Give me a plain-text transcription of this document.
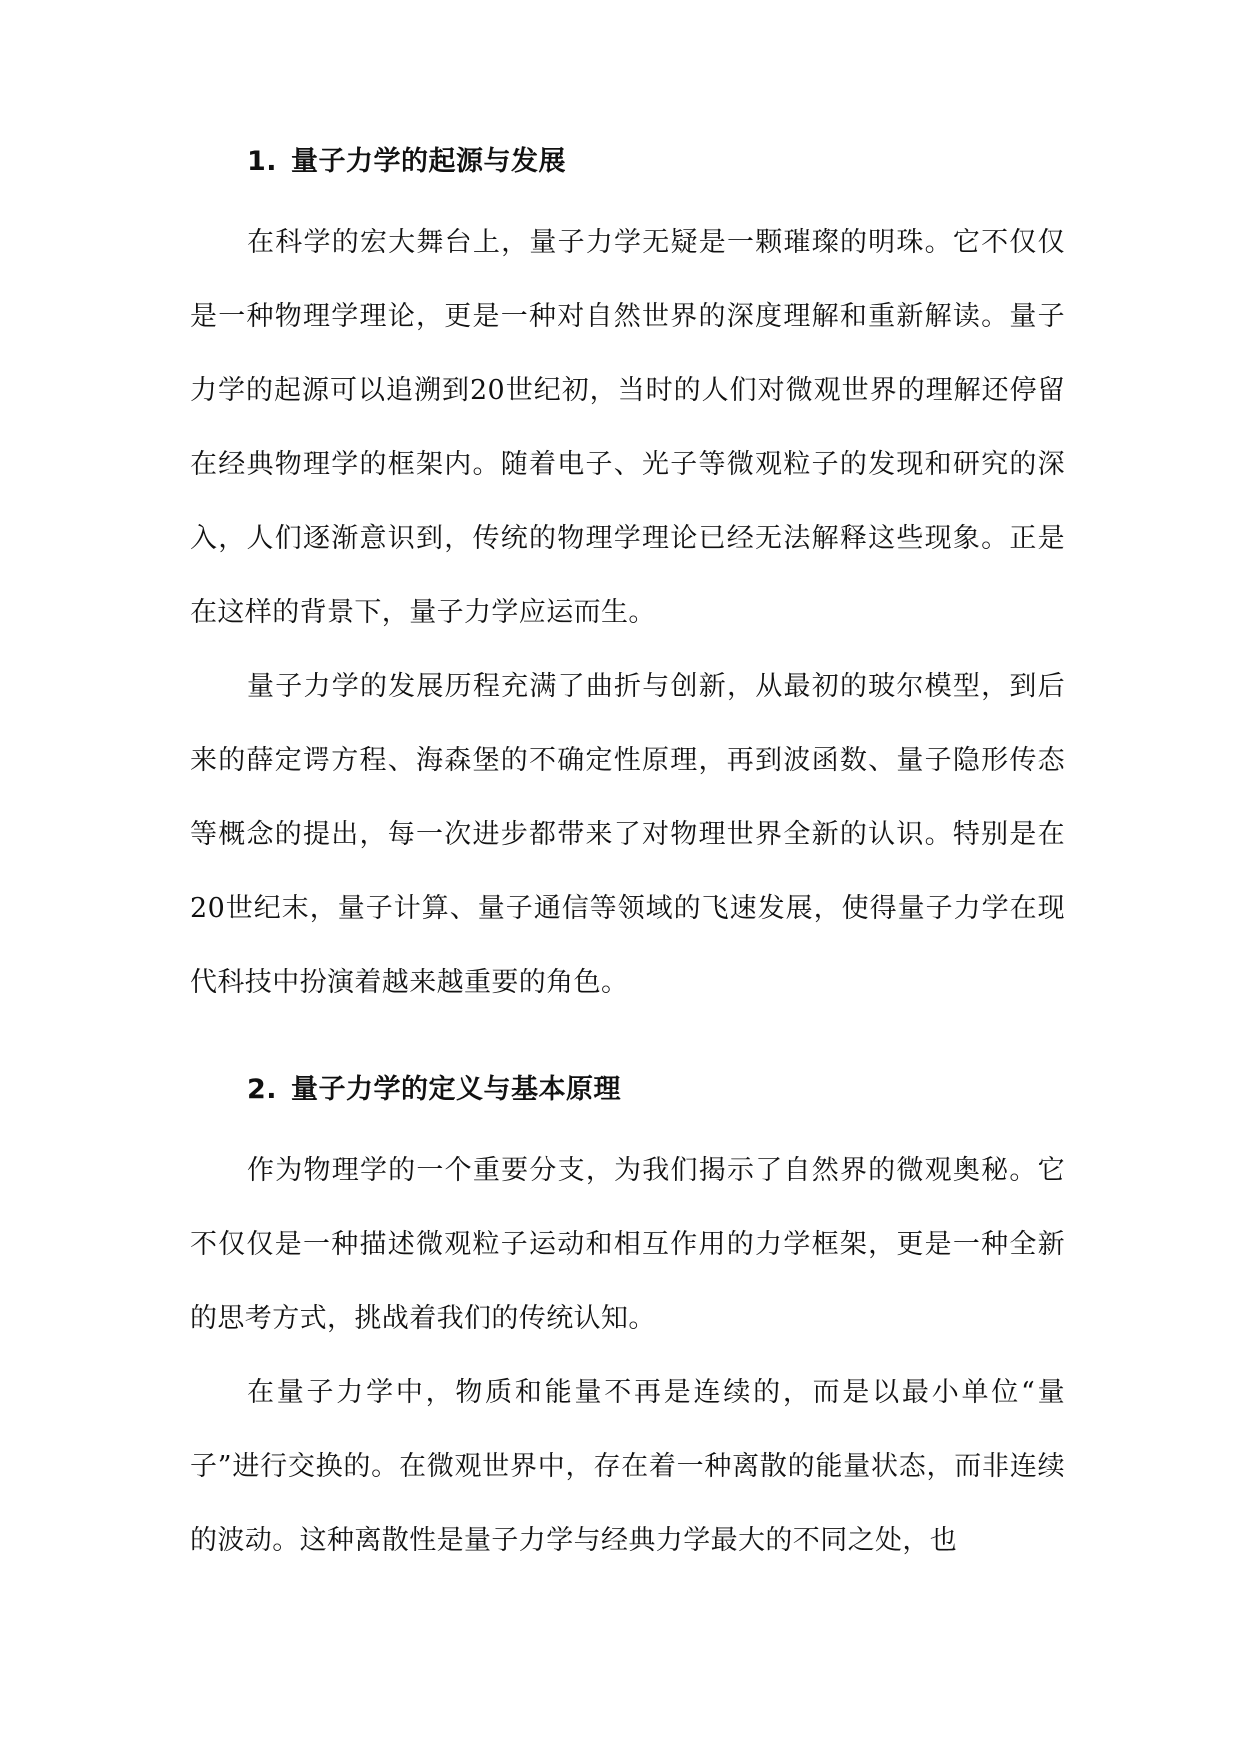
1. 量子力学的起源与发展

在科学的宏大舞台上，量子力学无疑是一颗璀璨的明珠。它不仅仅是一种物理学理论，更是一种对自然世界的深度理解和重新解读。量子力学的起源可以追溯到20世纪初，当时的人们对微观世界的理解还停留在经典物理学的框架内。随着电子、光子等微观粒子的发现和研究的深入，人们逐渐意识到，传统的物理学理论已经无法解释这些现象。正是在这样的背景下，量子力学应运而生。

量子力学的发展历程充满了曲折与创新，从最初的玻尔模型，到后来的薛定谔方程、海森堡的不确定性原理，再到波函数、量子隐形传态等概念的提出，每一次进步都带来了对物理世界全新的认识。特别是在20世纪末，量子计算、量子通信等领域的飞速发展，使得量子力学在现代科技中扮演着越来越重要的角色。

2. 量子力学的定义与基本原理

作为物理学的一个重要分支，为我们揭示了自然界的微观奥秘。它不仅仅是一种描述微观粒子运动和相互作用的力学框架，更是一种全新的思考方式，挑战着我们的传统认知。

在量子力学中，物质和能量不再是连续的，而是以最小单位“量子”进行交换的。在微观世界中，存在着一种离散的能量状态，而非连续的波动。这种离散性是量子力学与经典力学最大的不同之处，也
